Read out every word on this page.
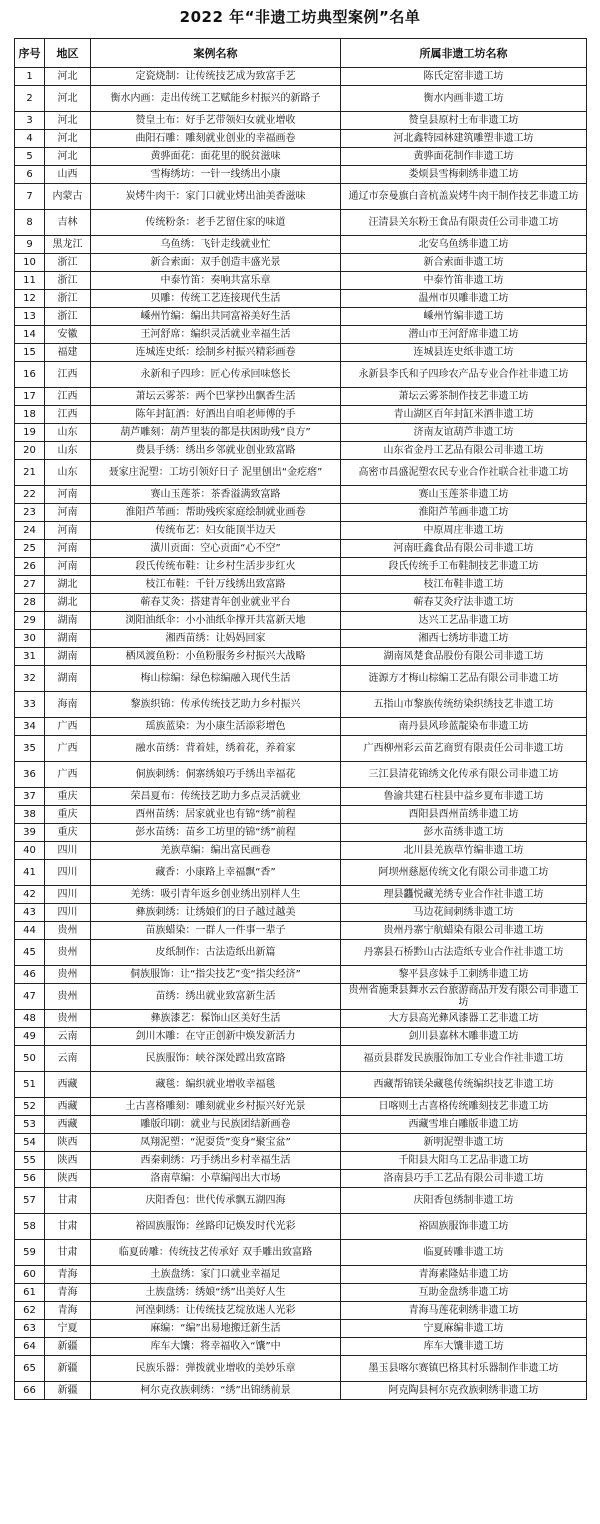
2022 年“非遗工坊典型案例”名单
序号	地区	案例名称	所属非遗工坊名称
1	河北	定瓷烧制：让传统技艺成为致富手艺	陈氏定窑非遗工坊
2	河北	衡水内画：走出传统工艺赋能乡村振兴的新路子	衡水内画非遗工坊
3	河北	赞皇土布：好手艺带领妇女就业增收	赞皇县原村土布非遗工坊
4	河北	曲阳石雕：雕刻就业创业的幸福画卷	河北鑫特园林建筑雕塑非遗工坊
5	河北	黄骅面花：面花里的脱贫滋味	黄骅面花制作非遗工坊
6	山西	雪梅绣坊：一针一线绣出小康	娄烦县雪梅刺绣非遗工坊
7	内蒙古	炭烤牛肉干：家门口就业烤出油美香滋味	通辽市奈曼旗白音杭盖炭烤牛肉干制作技艺非遗工坊
8	吉林	传统粉条：老手艺留住家的味道	汪清县关东粉王食品有限责任公司非遗工坊
9	黑龙江	乌鱼绣：飞针走线就业忙	北安乌鱼绣非遗工坊
10	浙江	新合索面：双手创造丰盛光景	新合索面非遗工坊
11	浙江	中泰竹笛：奏响共富乐章	中泰竹笛非遗工坊
12	浙江	贝雕：传统工艺连接现代生活	温州市贝雕非遗工坊
13	浙江	嵊州竹编：编出共同富裕美好生活	嵊州竹编非遗工坊
14	安徽	王河舒席：编织灵活就业幸福生活	潜山市王河舒席非遗工坊
15	福建	连城连史纸：绘制乡村振兴精彩画卷	连城县连史纸非遗工坊
16	江西	永新和子四珍：匠心传承回味悠长	永新县李氏和子四珍农产品专业合作社非遗工坊
17	江西	萧坛云雾茶：两个巴掌抄出飘香生活	萧坛云雾茶制作技艺非遗工坊
18	江西	陈年封缸酒：好酒出自咱老师傅的手	青山湖区百年封缸米酒非遗工坊
19	山东	葫芦雕刻：葫芦里装的都是扶困助残“良方”	济南友谊葫芦非遗工坊
20	山东	费县手绣：绣出乡邻就业创业致富路	山东省金丹工艺品有限公司非遗工坊
21	山东	聂家庄泥塑：工坊引领好日子 泥里刨出“金疙瘩”	高密市昌盛泥塑农民专业合作社联合社非遗工坊
22	河南	赛山玉莲茶：茶香溢满致富路	赛山玉莲茶非遗工坊
23	河南	淮阳芦苇画：帮助残疾家庭绘制就业画卷	淮阳芦苇画非遗工坊
24	河南	传统布艺：妇女能顶半边天	中原周庄非遗工坊
25	河南	潢川贡面：空心贡面“心不空”	河南旺鑫食品有限公司非遗工坊
26	河南	段氏传统布鞋：让乡村生活步步红火	段氏传统手工布鞋制技艺非遗工坊
27	湖北	枝江布鞋：千针万线绣出致富路	枝江布鞋非遗工坊
28	湖北	蕲春艾灸：搭建青年创业就业平台	蕲春艾灸疗法非遗工坊
29	湖南	浏阳油纸伞：小小油纸伞撑开共富新天地	达兴工艺品非遗工坊
30	湖南	湘西苗绣：让妈妈回家	湘西七绣坊非遗工坊
31	湖南	栖凤渡鱼粉：小鱼粉服务乡村振兴大战略	湖南凤楚食品股份有限公司非遗工坊
32	湖南	梅山棕编：绿色棕编融入现代生活	涟源方才梅山棕编工艺品有限公司非遗工坊
33	海南	黎族织锦：传承传统技艺助力乡村振兴	五指山市黎族传统纺染织绣技艺非遗工坊
34	广西	瑶族蓝染：为小康生活添彩增色	南丹县风珍蓝靛染布非遗工坊
35	广西	融水苗绣：背着娃，绣着花，养着家	广西柳州彩云苗艺商贸有限责任公司非遗工坊
36	广西	侗族刺绣：侗寨绣娘巧手绣出幸福花	三江县清花锦绣文化传承有限公司非遗工坊
37	重庆	荣昌夏布：传统技艺助力多点灵活就业	鲁渝共建石柱县中益乡夏布非遗工坊
38	重庆	酉州苗绣：居家就业也有锦“绣”前程	酉阳县酉州苗绣非遗工坊
39	重庆	彭水苗绣：苗乡工坊里的锦“绣”前程	彭水苗绣非遗工坊
40	四川	羌族草编：编出富民画卷	北川县羌族草竹编非遗工坊
41	四川	藏香：小康路上幸福飘“香”	阿坝州慈愿传统文化有限公司非遗工坊
42	四川	羌绣：吸引青年返乡创业绣出别样人生	理县龘悦藏羌绣专业合作社非遗工坊
43	四川	彝族刺绣：让绣娘们的日子越过越美	马边花间刺绣非遗工坊
44	贵州	苗族蜡染：一群人一件事一辈子	贵州丹寨宁航蜡染有限公司非遗工坊
45	贵州	皮纸制作：古法造纸出新篇	丹寨县石桥黔山古法造纸专业合作社非遗工坊
46	贵州	侗族服饰：让“指尖技艺”变“指尖经济”	黎平县彦妹手工刺绣非遗工坊
47	贵州	苗绣：绣出就业致富新生活	贵州省施秉县舞水云台旅游商品开发有限公司非遗工坊
48	贵州	彝族漆艺：髹饰山区美好生活	大方县高光彝风漆器工艺非遗工坊
49	云南	剑川木雕：在守正创新中焕发新活力	剑川县嘉林木雕非遗工坊
50	云南	民族服饰：峡谷深处蹚出致富路	福贡县群发民族服饰加工专业合作社非遗工坊
51	西藏	藏毯：编织就业增收幸福毯	西藏帮锦镁朵藏毯传统编织技艺非遗工坊
52	西藏	土古喜格雕刻：雕刻就业乡村振兴好光景	日喀则土古喜格传统雕刻技艺非遗工坊
53	西藏	雕版印刷：就业与民族团结新画卷	西藏雪堆白雕版非遗工坊
54	陕西	凤翔泥塑：“泥耍货”变身“聚宝盆”	新明泥塑非遗工坊
55	陕西	西秦刺绣：巧手绣出乡村幸福生活	千阳县大阳乌工艺品非遗工坊
56	陕西	洛南草编：小草编闯出大市场	洛南县巧手工艺品有限公司非遗工坊
57	甘肃	庆阳香包：世代传承飘五湖四海	庆阳香包绣制非遗工坊
58	甘肃	裕固族服饰：丝路印记焕发时代光彩	裕固族服饰非遗工坊
59	甘肃	临夏砖雕：传统技艺传承好 双手雕出致富路	临夏砖雕非遗工坊
60	青海	土族盘绣：家门口就业幸福足	青海素隆姑非遗工坊
61	青海	土族盘绣：绣娘“绣”出美好人生	互助金盘绣非遗工坊
62	青海	河湟刺绣：让传统技艺绽放迷人光彩	青海马莲花刺绣非遗工坊
63	宁夏	麻编：“编”出易地搬迁新生活	宁夏麻编非遗工坊
64	新疆	库车大馕：将幸福收入“馕”中	库车大馕非遗工坊
65	新疆	民族乐器：弹拨就业增收的美妙乐章	墨玉县喀尔赛镇巴格其村乐器制作非遗工坊
66	新疆	柯尔克孜族刺绣：“绣”出锦绣前景	阿克陶县柯尔克孜族刺绣非遗工坊
